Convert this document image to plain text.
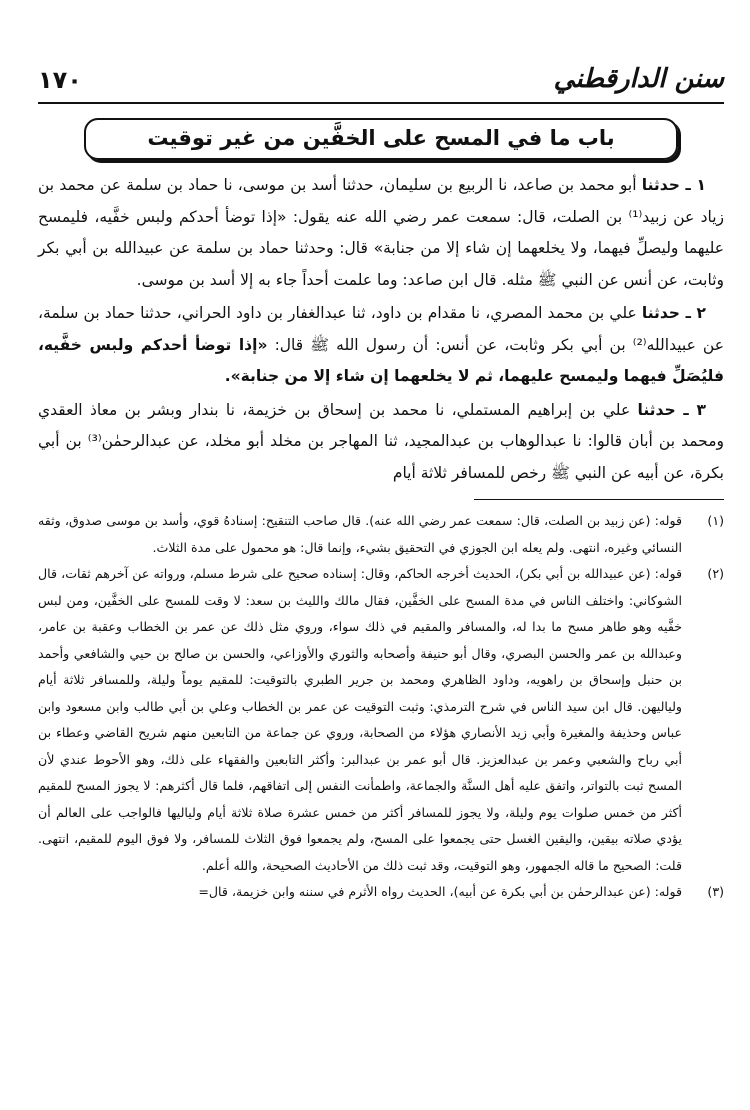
سنن الدارقطني
١٧٠
باب ما في المسح على الخفَّين من غير توقيت

١ ـ حدثنا أبو محمد بن صاعد، نا الربيع بن سليمان، حدثنا أسد بن موسى، نا حماد بن سلمة عن محمد بن زياد عن زبيد⁽¹⁾ بن الصلت، قال: سمعت عمر رضي الله عنه يقول: «إذا توضأ أحدكم ولبس خفَّيه، فليمسح عليهما وليصلِّ فيهما، ولا يخلعهما إن شاء إلا من جنابة» قال: وحدثنا حماد بن سلمة عن عبيدالله بن أبي بكر وثابت، عن أنس عن النبي ﷺ مثله. قال ابن صاعد: وما علمت أحداً جاء به إلا أسد بن موسى.

٢ ـ حدثنا علي بن محمد المصري، نا مقدام بن داود، ثنا عبدالغفار بن داود الحراني، حدثنا حماد بن سلمة، عن عبيدالله⁽²⁾ بن أبي بكر وثابت، عن أنس: أن رسول الله ﷺ قال: «إذا توضأ أحدكم ولبس خفَّيه، فليُصَلِّ فيهما وليمسح عليهما، ثم لا يخلعهما إن شاء إلا من جنابة».

٣ ـ حدثنا علي بن إبراهيم المستملي، نا محمد بن إسحاق بن خزيمة، نا بندار وبشر بن معاذ العقدي ومحمد بن أبان قالوا: نا عبدالوهاب بن عبدالمجيد، ثنا المهاجر بن مخلد أبو مخلد، عن عبدالرحمٰن⁽³⁾ بن أبي بكرة، عن أبيه عن النبي ﷺ رخص للمسافر ثلاثة أيام

(١)
قوله: (عن زبيد بن الصلت، قال: سمعت عمر رضي الله عنه). قال صاحب التنقيح: إسنادهُ قوي، وأسد بن موسى صدوق، وثقه النسائي وغيره، انتهى. ولم يعله ابن الجوزي في التحقيق بشيء، وإنما قال: هو محمول على مدة الثلاث.
(٢)
قوله: (عن عبيدالله بن أبي بكر)، الحديث أخرجه الحاكم، وقال: إسناده صحيح على شرط مسلم، ورواته عن آخرهم ثقات، قال الشوكاني: واختلف الناس في مدة المسح على الخفَّين، فقال مالك والليث بن سعد: لا وقت للمسح على الخفَّين، ومن لبس خفَّيه وهو طاهر مسح ما بدا له، والمسافر والمقيم في ذلك سواء، وروي مثل ذلك عن عمر بن الخطاب وعقبة بن عامر، وعبدالله بن عمر والحسن البصري، وقال أبو حنيفة وأصحابه والثوري والأوزاعي، والحسن بن صالح بن حيي والشافعي وأحمد بن حنبل وإسحاق بن راهويه، وداود الظاهري ومحمد بن جرير الطبري بالتوقيت: للمقيم يوماً وليلة، وللمسافر ثلاثة أيام ولياليهن. قال ابن سيد الناس في شرح الترمذي: وثبت التوقيت عن عمر بن الخطاب وعلي بن أبي طالب وابن مسعود وابن عباس وحذيفة والمغيرة وأبي زيد الأنصاري هؤلاء من الصحابة، وروي عن جماعة من التابعين منهم شريح القاضي وعطاء بن أبي رباح والشعبي وعمر بن عبدالعزيز. قال أبو عمر بن عبدالبر: وأكثر التابعين والفقهاء على ذلك، وهو الأحوط عندي لأن المسح ثبت بالتواتر، واتفق عليه أهل السنَّة والجماعة، واطمأنت النفس إلى اتفاقهم، فلما قال أكثرهم: لا يجوز المسح للمقيم أكثر من خمس صلوات يوم وليلة، ولا يجوز للمسافر أكثر من خمس عشرة صلاة ثلاثة أيام ولياليها فالواجب على العالم أن يؤدي صلاته بيقين، واليقين الغسل حتى يجمعوا على المسح، ولم يجمعوا فوق الثلاث للمسافر، ولا فوق اليوم للمقيم، انتهى. قلت: الصحيح ما قاله الجمهور، وهو التوقيت، وقد ثبت ذلك من الأحاديث الصحيحة، والله أعلم.
(٣)
قوله: (عن عبدالرحمٰن بن أبي بكرة عن أبيه)، الحديث رواه الأثرم في سننه وابن خزيمة، قال=
